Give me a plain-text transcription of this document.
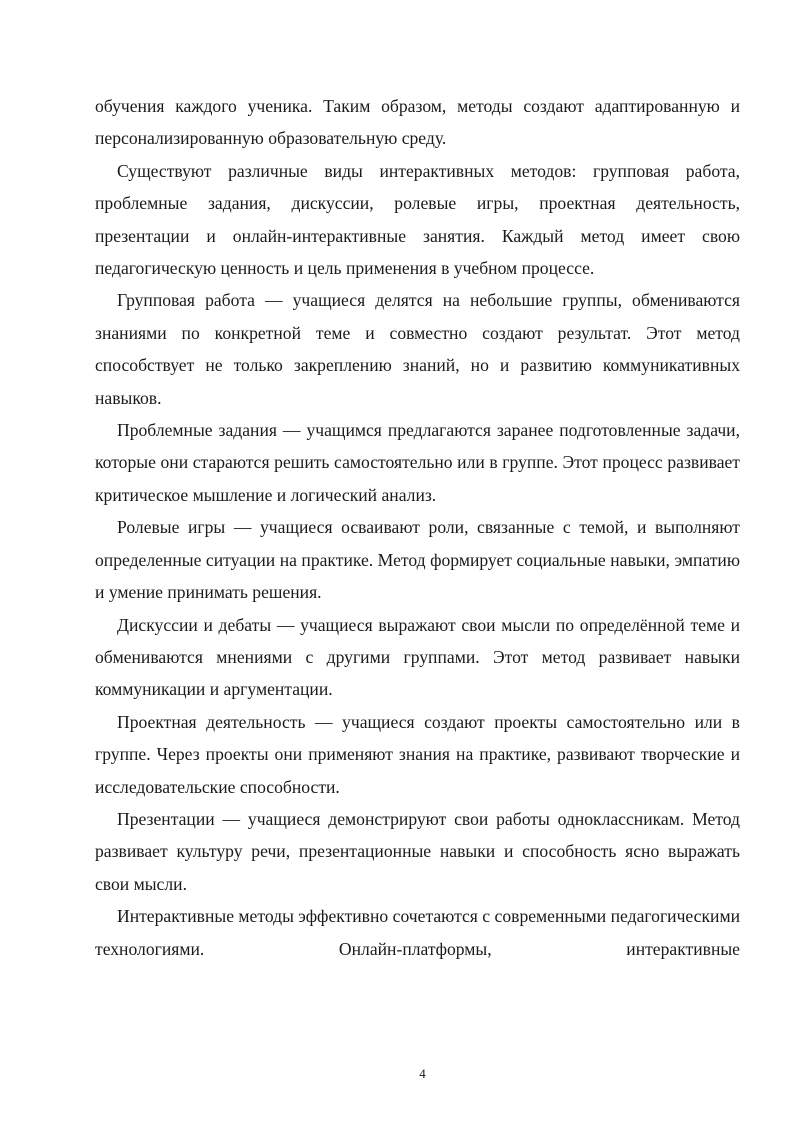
обучения каждого ученика. Таким образом, методы создают адаптированную и персонализированную образовательную среду.

Существуют различные виды интерактивных методов: групповая работа, проблемные задания, дискуссии, ролевые игры, проектная деятельность, презентации и онлайн-интерактивные занятия. Каждый метод имеет свою педагогическую ценность и цель применения в учебном процессе.

Групповая работа — учащиеся делятся на небольшие группы, обмениваются знаниями по конкретной теме и совместно создают результат. Этот метод способствует не только закреплению знаний, но и развитию коммуникативных навыков.

Проблемные задания — учащимся предлагаются заранее подготовленные задачи, которые они стараются решить самостоятельно или в группе. Этот процесс развивает критическое мышление и логический анализ.

Ролевые игры — учащиеся осваивают роли, связанные с темой, и выполняют определенные ситуации на практике. Метод формирует социальные навыки, эмпатию и умение принимать решения.

Дискуссии и дебаты — учащиеся выражают свои мысли по определённой теме и обмениваются мнениями с другими группами. Этот метод развивает навыки коммуникации и аргументации.

Проектная деятельность — учащиеся создают проекты самостоятельно или в группе. Через проекты они применяют знания на практике, развивают творческие и исследовательские способности.

Презентации — учащиеся демонстрируют свои работы одноклассникам. Метод развивает культуру речи, презентационные навыки и способность ясно выражать свои мысли.

Интерактивные методы эффективно сочетаются с современными педагогическими технологиями. Онлайн-платформы, интерактивные

4
